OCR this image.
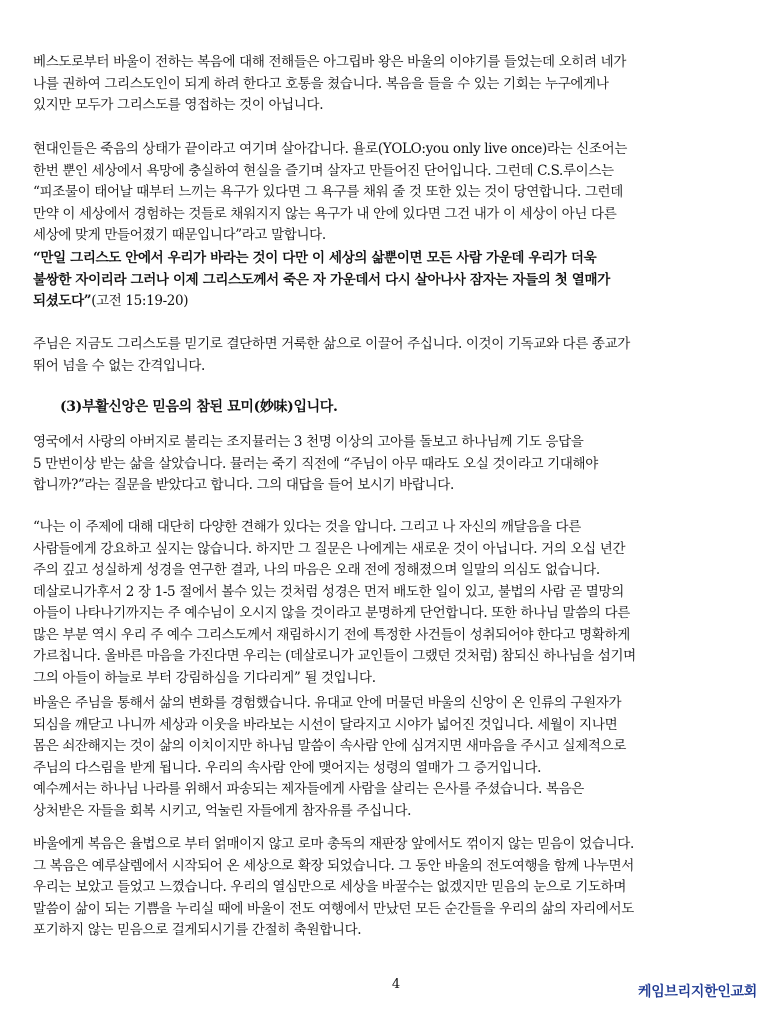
베스도로부터 바울이 전하는 복음에 대해 전해들은 아그립바 왕은 바울의 이야기를 들었는데 오히려 네가
나를 권하여 그리스도인이 되게 하려 한다고 호통을 쳤습니다. 복음을 들을 수 있는 기회는 누구에게나
있지만 모두가 그리스도를 영접하는 것이 아닙니다.

현대인들은 죽음의 상태가 끝이라고 여기며 살아갑니다. 욜로(YOLO:you only live once)라는 신조어는
한번 뿐인 세상에서 욕망에 충실하여 현실을 즐기며 살자고 만들어진 단어입니다. 그런데 C.S.루이스는
“피조물이 태어날 때부터 느끼는 욕구가 있다면 그 욕구를 채워 줄 것 또한 있는 것이 당연합니다. 그런데
만약 이 세상에서 경험하는 것들로 채워지지 않는 욕구가 내 안에 있다면 그건 내가 이 세상이 아닌 다른
세상에 맞게 만들어졌기 때문입니다”라고 말합니다.

“만일 그리스도 안에서 우리가 바라는 것이 다만 이 세상의 삶뿐이면 모든 사람 가운데 우리가 더욱
불쌍한 자이리라 그러나 이제 그리스도께서 죽은 자 가운데서 다시 살아나사 잠자는 자들의 첫 열매가
되셨도다”(고전 15:19-20)

주님은 지금도 그리스도를 믿기로 결단하면 거룩한 삶으로 이끌어 주십니다. 이것이 기독교와 다른 종교가
뛰어 넘을 수 없는 간격입니다.

(3)부활신앙은 믿음의 참된 묘미(妙味)입니다.

영국에서 사랑의 아버지로 불리는 조지뮬러는 3 천명 이상의 고아를 돌보고 하나님께 기도 응답을
5 만번이상 받는 삶을 살았습니다. 뮬러는 죽기 직전에 “주님이 아무 때라도 오실 것이라고 기대해야
합니까?”라는 질문을 받았다고 합니다. 그의 대답을 들어 보시기 바랍니다.

“나는 이 주제에 대해 대단히 다양한 견해가 있다는 것을 압니다. 그리고 나 자신의 깨달음을 다른
사람들에게 강요하고 싶지는 않습니다. 하지만 그 질문은 나에게는 새로운 것이 아닙니다. 거의 오십 년간
주의 깊고 성실하게 성경을 연구한 결과, 나의 마음은 오래 전에 정해졌으며 일말의 의심도 없습니다.
데살로니가후서 2 장 1-5 절에서 볼수 있는 것처럼 성경은 먼저 배도한 일이 있고, 불법의 사람 곧 멸망의
아들이 나타나기까지는 주 예수님이 오시지 않을 것이라고 분명하게 단언합니다. 또한 하나님 말씀의 다른
많은 부분 역시 우리 주 예수 그리스도께서 재림하시기 전에 특정한 사건들이 성취되어야 한다고 명확하게
가르칩니다. 올바른 마음을 가진다면 우리는 (데살로니가 교인들이 그랬던 것처럼) 참되신 하나님을 섬기며
그의 아들이 하늘로 부터 강림하심을 기다리게” 될 것입니다.

바울은 주님을 통해서 삶의 변화를 경험했습니다. 유대교 안에 머물던 바울의 신앙이 온 인류의 구원자가
되심을 깨닫고 나니까 세상과 이웃을 바라보는 시선이 달라지고 시야가 넓어진 것입니다. 세월이 지나면
몸은 쇠잔해지는 것이 삶의 이치이지만 하나님 말씀이 속사람 안에 심겨지면 새마음을 주시고 실제적으로
주님의 다스림을 받게 됩니다. 우리의 속사람 안에 맺어지는 성령의 열매가 그 증거입니다.
예수께서는 하나님 나라를 위해서 파송되는 제자들에게 사람을 살리는 은사를 주셨습니다. 복음은
상처받은 자들을 회복 시키고, 억눌린 자들에게 참자유를 주십니다.

바울에게 복음은 율법으로 부터 얽매이지 않고 로마 총독의 재판장 앞에서도 꺾이지 않는 믿음이 었습니다.
그 복음은 예루살렘에서 시작되어 온 세상으로 확장 되었습니다. 그 동안 바울의 전도여행을 함께 나누면서
우리는 보았고 들었고 느꼈습니다. 우리의 열심만으로 세상을 바꿀수는 없겠지만 믿음의 눈으로 기도하며
말씀이 삶이 되는 기쁨을 누리실 때에 바울이 전도 여행에서 만났던 모든 순간들을 우리의 삶의 자리에서도
포기하지 않는 믿음으로 걸게되시기를 간절히 축원합니다.

4	케임브리지한인교회
